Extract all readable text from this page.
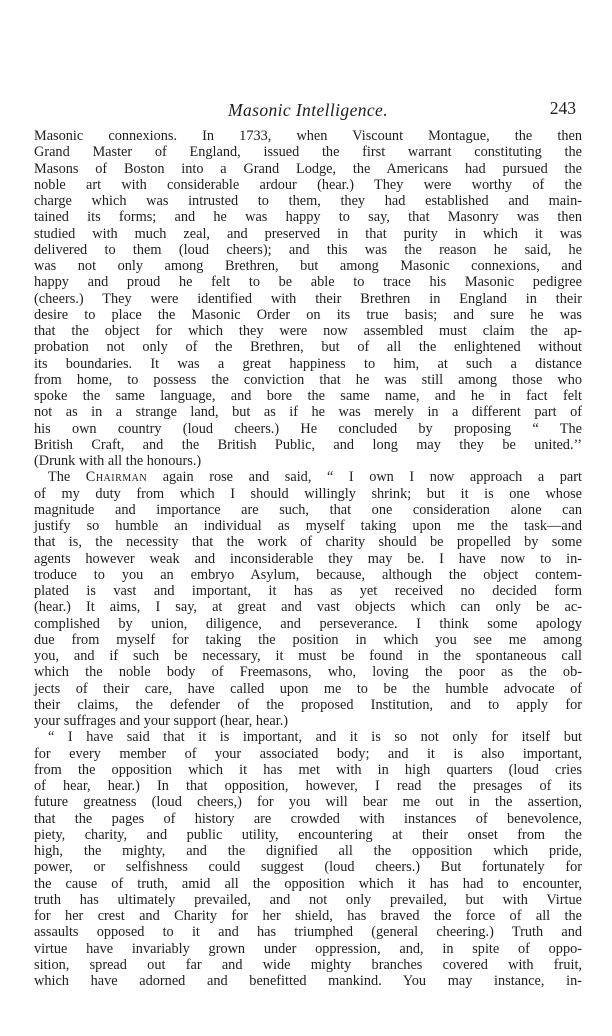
Masonic Intelligence.	243

Masonic connexions. In 1733, when Viscount Montague, the then

Grand Master of England, issued the first warrant constituting the

Masons of Boston into a Grand Lodge, the Americans had pursued the

noble art with considerable ardour (hear.) They were worthy of the

charge which was intrusted to them, they had established and main-

tained its forms; and he was happy to say, that Masonry was then

studied with much zeal, and preserved in that purity in which it was

delivered to them (loud cheers); and this was the reason he said, he

was not only among Brethren, but among Masonic connexions, and

happy and proud he felt to be able to trace his Masonic pedigree

(cheers.) They were identified with their Brethren in England in their

desire to place the Masonic Order on its true basis; and sure he was

that the object for which they were now assembled must claim the ap-

probation not only of the Brethren, but of all the enlightened without

its boundaries. It was a great happiness to him, at such a distance

from home, to possess the conviction that he was still among those who

spoke the same language, and bore the same name, and he in fact felt

not as in a strange land, but as if he was merely in a different part of

his own country (loud cheers.) He concluded by proposing “ The

British Craft, and the British Public, and long may they be united.’’

(Drunk with all the honours.)

The Chairman again rose and said, “ I own I now approach a part

of my duty from which I should willingly shrink; but it is one whose

magnitude and importance are such, that one consideration alone can

justify so humble an individual as myself taking upon me the task—and

that is, the necessity that the work of charity should be propelled by some

agents however weak and inconsiderable they may be. I have now to in-

troduce to you an embryo Asylum, because, although the object contem-

plated is vast and important, it has as yet received no decided form

(hear.) It aims, I say, at great and vast objects which can only be ac-

complished by union, diligence, and perseverance. I think some apology

due from myself for taking the position in which you see me among

you, and if such be necessary, it must be found in the spontaneous call

which the noble body of Freemasons, who, loving the poor as the ob-

jects of their care, have called upon me to be the humble advocate of

their claims, the defender of the proposed Institution, and to apply for

your suffrages and your support (hear, hear.)

“ I have said that it is important, and it is so not only for itself but

for every member of your associated body; and it is also important,

from the opposition which it has met with in high quarters (loud cries

of hear, hear.) In that opposition, however, I read the presages of its

future greatness (loud cheers,) for you will bear me out in the assertion,

that the pages of history are crowded with instances of benevolence,

piety, charity, and public utility, encountering at their onset from the

high, the mighty, and the dignified all the opposition which pride,

power, or selfishness could suggest (loud cheers.) But fortunately for

the cause of truth, amid all the opposition which it has had to encounter,

truth has ultimately prevailed, and not only prevailed, but with Virtue

for her crest and Charity for her shield, has braved the force of all the

assaults opposed to it and has triumphed (general cheering.) Truth and

virtue have invariably grown under oppression, and, in spite of oppo-

sition, spread out far and wide mighty branches covered with fruit,

which have adorned and benefitted mankind. You may instance, in-
